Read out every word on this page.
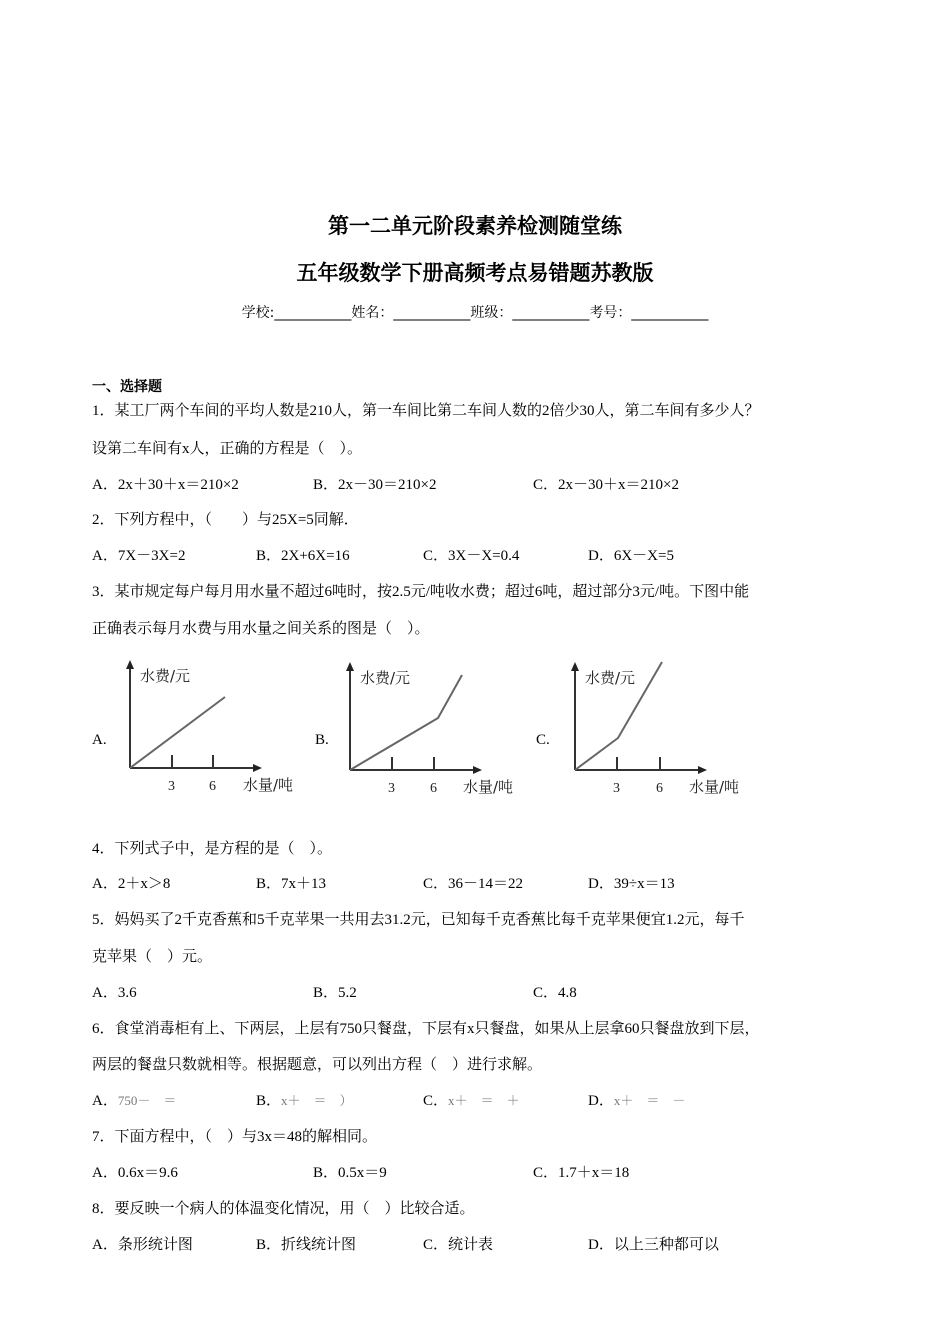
第一二单元阶段素养检测随堂练
五年级数学下册高频考点易错题苏教版
学校:___________姓名：___________班级：___________考号：___________
一、选择题
1．某工厂两个车间的平均人数是210人，第一车间比第二车间人数的2倍少30人，第二车间有多少人？
设第二车间有x人，正确的方程是（　）。
A．2x＋30＋x＝210×2	B．2x－30＝210×2	C．2x－30＋x＝210×2
2．下列方程中，（　　）与25X=5同解．
A．7X－3X=2	B．2X+6X=16	C．3X－X=0.4	D．6X－X=5
3．某市规定每户每月用水量不超过6吨时，按2.5元/吨收水费；超过6吨，超过部分3元/吨。下图中能
正确表示每月水费与用水量之间关系的图是（　）。
A.
水费/元
3 6 水量/吨
B.
水费/元
3	6 水量/吨
C.
水费/元
3	6 水量/吨
4．下列式子中，是方程的是（　）。
A．2＋x＞8	B．7x＋13	C．36－14＝22	D．39÷x＝13
5．妈妈买了2千克香蕉和5千克苹果一共用去31.2元，已知每千克香蕉比每千克苹果便宜1.2元，每千
克苹果（　）元。
A．3.6	B．5.2	C．4.8
6．食堂消毒柜有上、下两层，上层有750只餐盘，下层有x只餐盘，如果从上层拿60只餐盘放到下层，
两层的餐盘只数就相等。根据题意，可以列出方程（　）进行求解。
A．750－　＝	B．x＋　＝　）	C．x＋　＝　＋	D．x＋　＝　－
7．下面方程中，（　）与3x＝48的解相同。
A．0.6x＝9.6	B．0.5x＝9	C．1.7＋x＝18
8．要反映一个病人的体温变化情况，用（　）比较合适。
A．条形统计图	B．折线统计图	C．统计表	D．以上三种都可以
